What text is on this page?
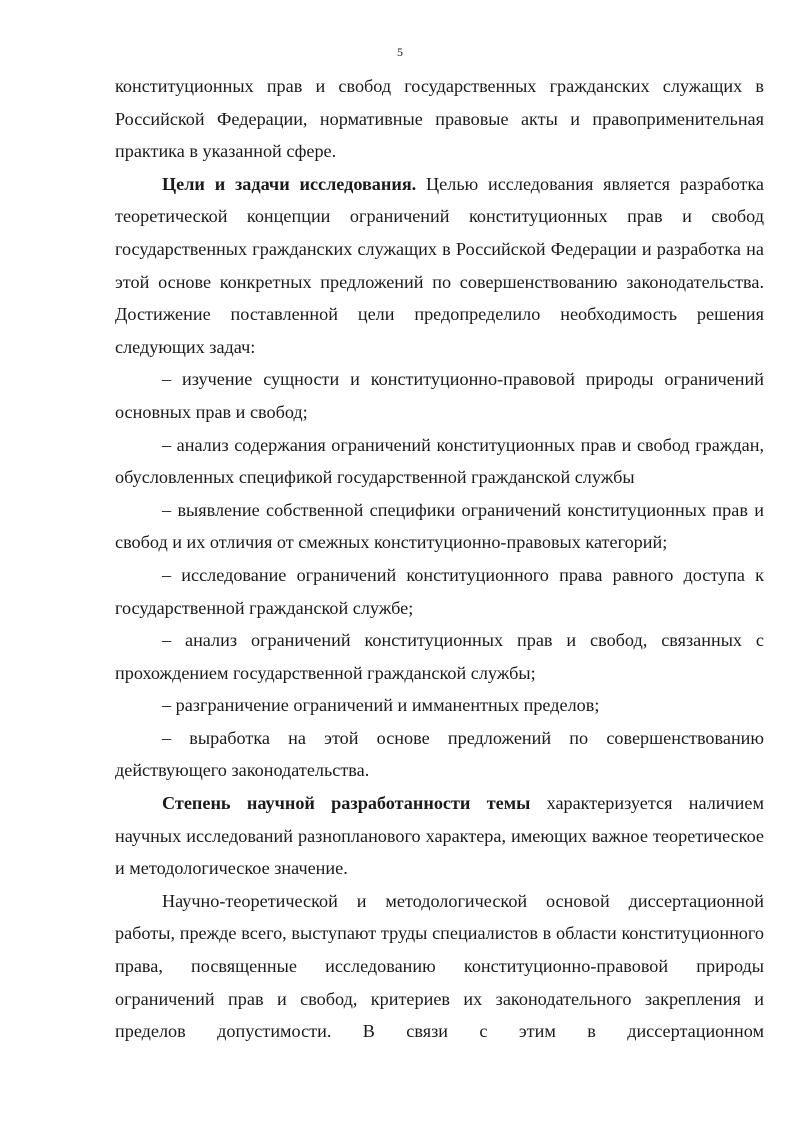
5

конституционных прав и свобод государственных гражданских служащих в Российской Федерации, нормативные правовые акты и правоприменительная практика в указанной сфере.

Цели и задачи исследования. Целью исследования является разработка теоретической концепции ограничений конституционных прав и свобод государственных гражданских служащих в Российской Федерации и разработка на этой основе конкретных предложений по совершенствованию законодательства. Достижение поставленной цели предопределило необходимость решения следующих задач:

– изучение сущности и конституционно-правовой природы ограничений основных прав и свобод;

– анализ содержания ограничений конституционных прав и свобод граждан, обусловленных спецификой государственной гражданской службы

– выявление собственной специфики ограничений конституционных прав и свобод и их отличия от смежных конституционно-правовых категорий;

– исследование ограничений конституционного права равного доступа к государственной гражданской службе;

– анализ ограничений конституционных прав и свобод, связанных с прохождением государственной гражданской службы;

– разграничение ограничений и имманентных пределов;

– выработка на этой основе предложений по совершенствованию действующего законодательства.

Степень научной разработанности темы характеризуется наличием научных исследований разнопланового характера, имеющих важное теоретическое и методологическое значение.

Научно-теоретической и методологической основой диссертационной работы, прежде всего, выступают труды специалистов в области конституционного права, посвященные исследованию конституционно-правовой природы ограничений прав и свобод, критериев их законодательного закрепления и пределов допустимости. В связи с этим в диссертационном
